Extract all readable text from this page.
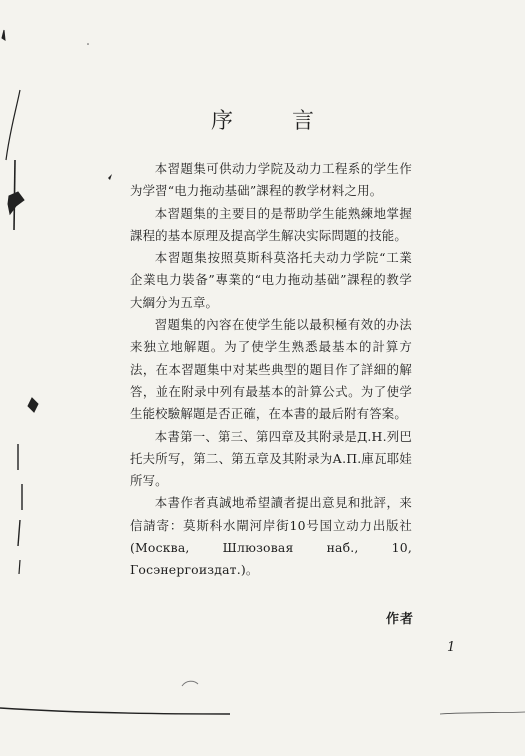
序 言

本習題集可供动力学院及动力工程系的学生作为学習“电力拖动基础”課程的教学材料之用。

本習題集的主要目的是帮助学生能熟練地掌握課程的基本原理及提高学生解决实际問題的技能。

本習題集按照莫斯科莫洛托夫动力学院“工業企業电力裝备”專業的“电力拖动基础”課程的教学大綱分为五章。

習題集的內容在使学生能以最积極有效的办法来独立地解題。为了使学生熟悉最基本的計算方法，在本習題集中对某些典型的題目作了詳細的解答，並在附录中列有最基本的計算公式。为了使学生能校驗解題是否正確，在本書的最后附有答案。

本書第一、第三、第四章及其附录是Д.Н.列巴托夫所写，第二、第五章及其附录为А.П.庫瓦耶娃所写。

本書作者真誠地希望讀者提出意見和批評，来信請寄：莫斯科水閘河岸街10号国立动力出版社(Москва, Шлюзовая наб., 10, Госэнергоиздат.)。

作者
1
